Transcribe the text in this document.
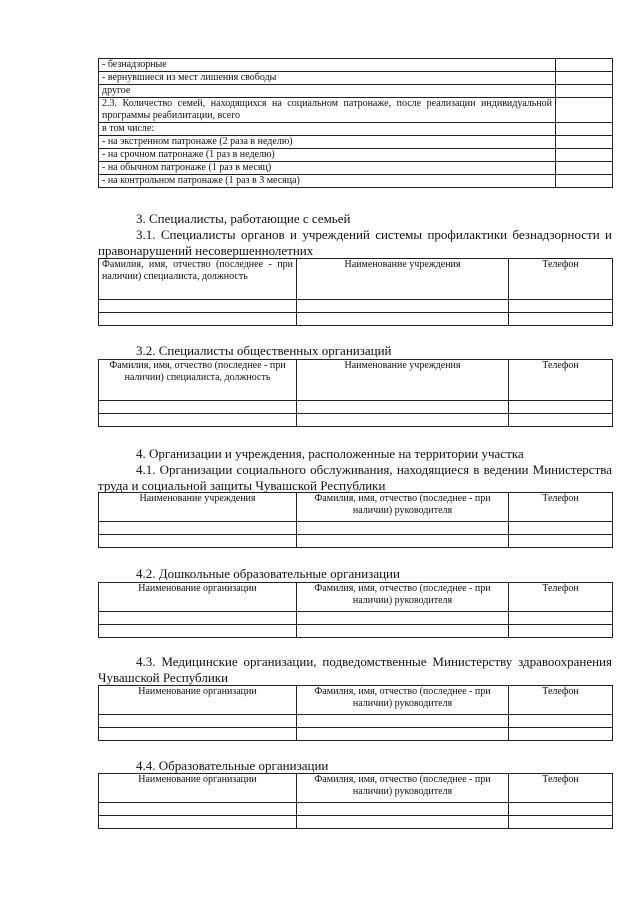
- безнадзорные	
- вернувшиеся из мест лишения свободы	
другое	
2.3. Количество семей, находящихся на социальном патронаже, после реализации индивидуальной программы реабилитации, всего	
в том числе:	
- на экстренном патронаже (2 раза в неделю)	
- на срочном патронаже (1 раз в неделю)	
- на обычном патронаже (1 раз в месяц)	
- на контрольном патронаже (1 раз в 3 месяца)	
3. Специалисты, работающие с семьей
3.1. Специалисты органов и учреждений системы профилактики безнадзорности и правонарушений несовершеннолетних
Фамилия, имя, отчество (последнее - при наличии) специалиста, должность	Наименование учреждения	Телефон

3.2. Специалисты общественных организаций
Фамилия, имя, отчество (последнее - при наличии) специалиста, должность	Наименование учреждения	Телефон

4. Организации и учреждения, расположенные на территории участка
4.1. Организации социального обслуживания, находящиеся в ведении Министерства труда и социальной защиты Чувашской Республики
Наименование учреждения	Фамилия, имя, отчество (последнее - при наличии) руководителя	Телефон

4.2. Дошкольные образовательные организации
Наименование организации	Фамилия, имя, отчество (последнее - при наличии) руководителя	Телефон

4.3. Медицинские организации, подведомственные Министерству здравоохранения Чувашской Республики
Наименование организации	Фамилия, имя, отчество (последнее - при наличии) руководителя	Телефон

4.4. Образовательные организации
Наименование организации	Фамилия, имя, отчество (последнее - при наличии) руководителя	Телефон
